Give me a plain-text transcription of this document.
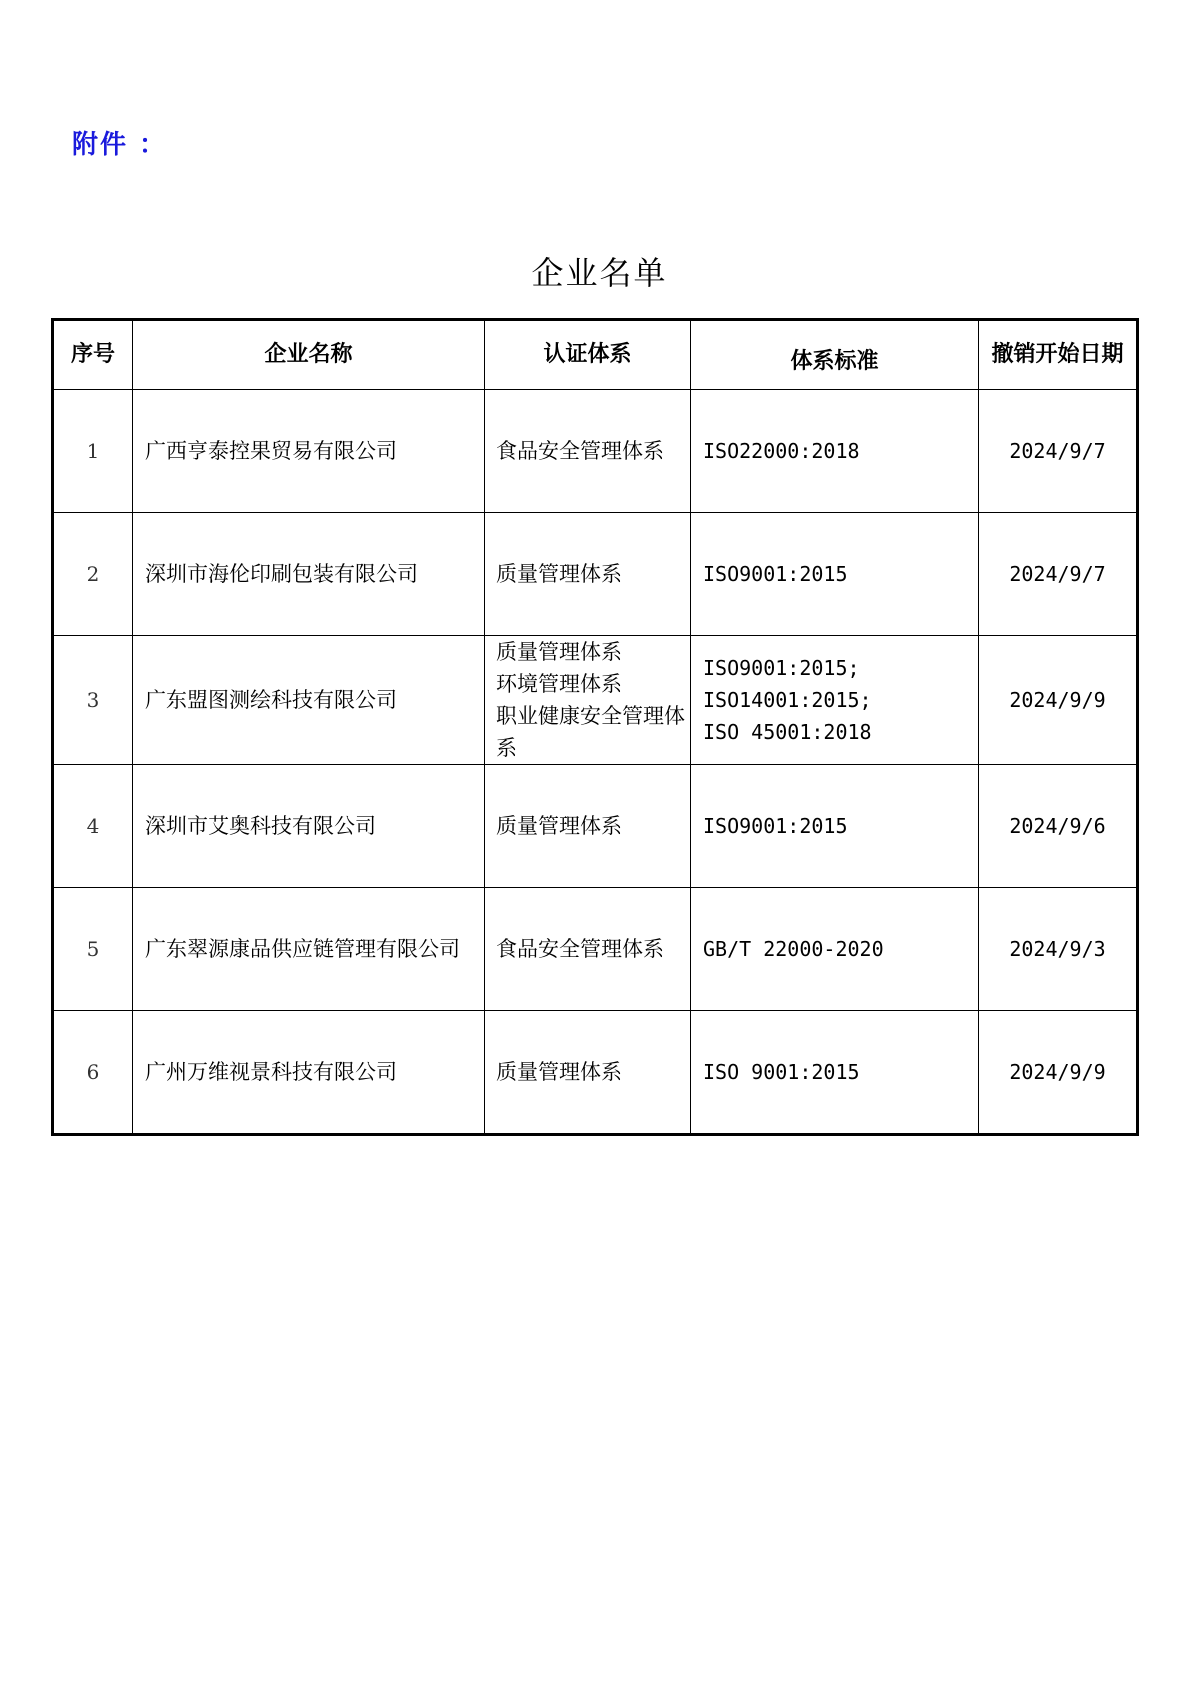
附件 ：
企业名单
序号	企业名称	认证体系	体系标准	撤销开始日期
1	广西亨泰控果贸易有限公司	食品安全管理体系	ISO22000:2018	2024/9/7
2	深圳市海伦印刷包装有限公司	质量管理体系	ISO9001:2015	2024/9/7
3	广东盟图测绘科技有限公司	质量管理体系
环境管理体系
职业健康安全管理体系	ISO9001:2015;
ISO14001:2015;
ISO 45001:2018	2024/9/9
4	深圳市艾奥科技有限公司	质量管理体系	ISO9001:2015	2024/9/6
5	广东翠源康品供应链管理有限公司	食品安全管理体系	GB/T 22000-2020	2024/9/3
6	广州万维视景科技有限公司	质量管理体系	ISO 9001:2015	2024/9/9
